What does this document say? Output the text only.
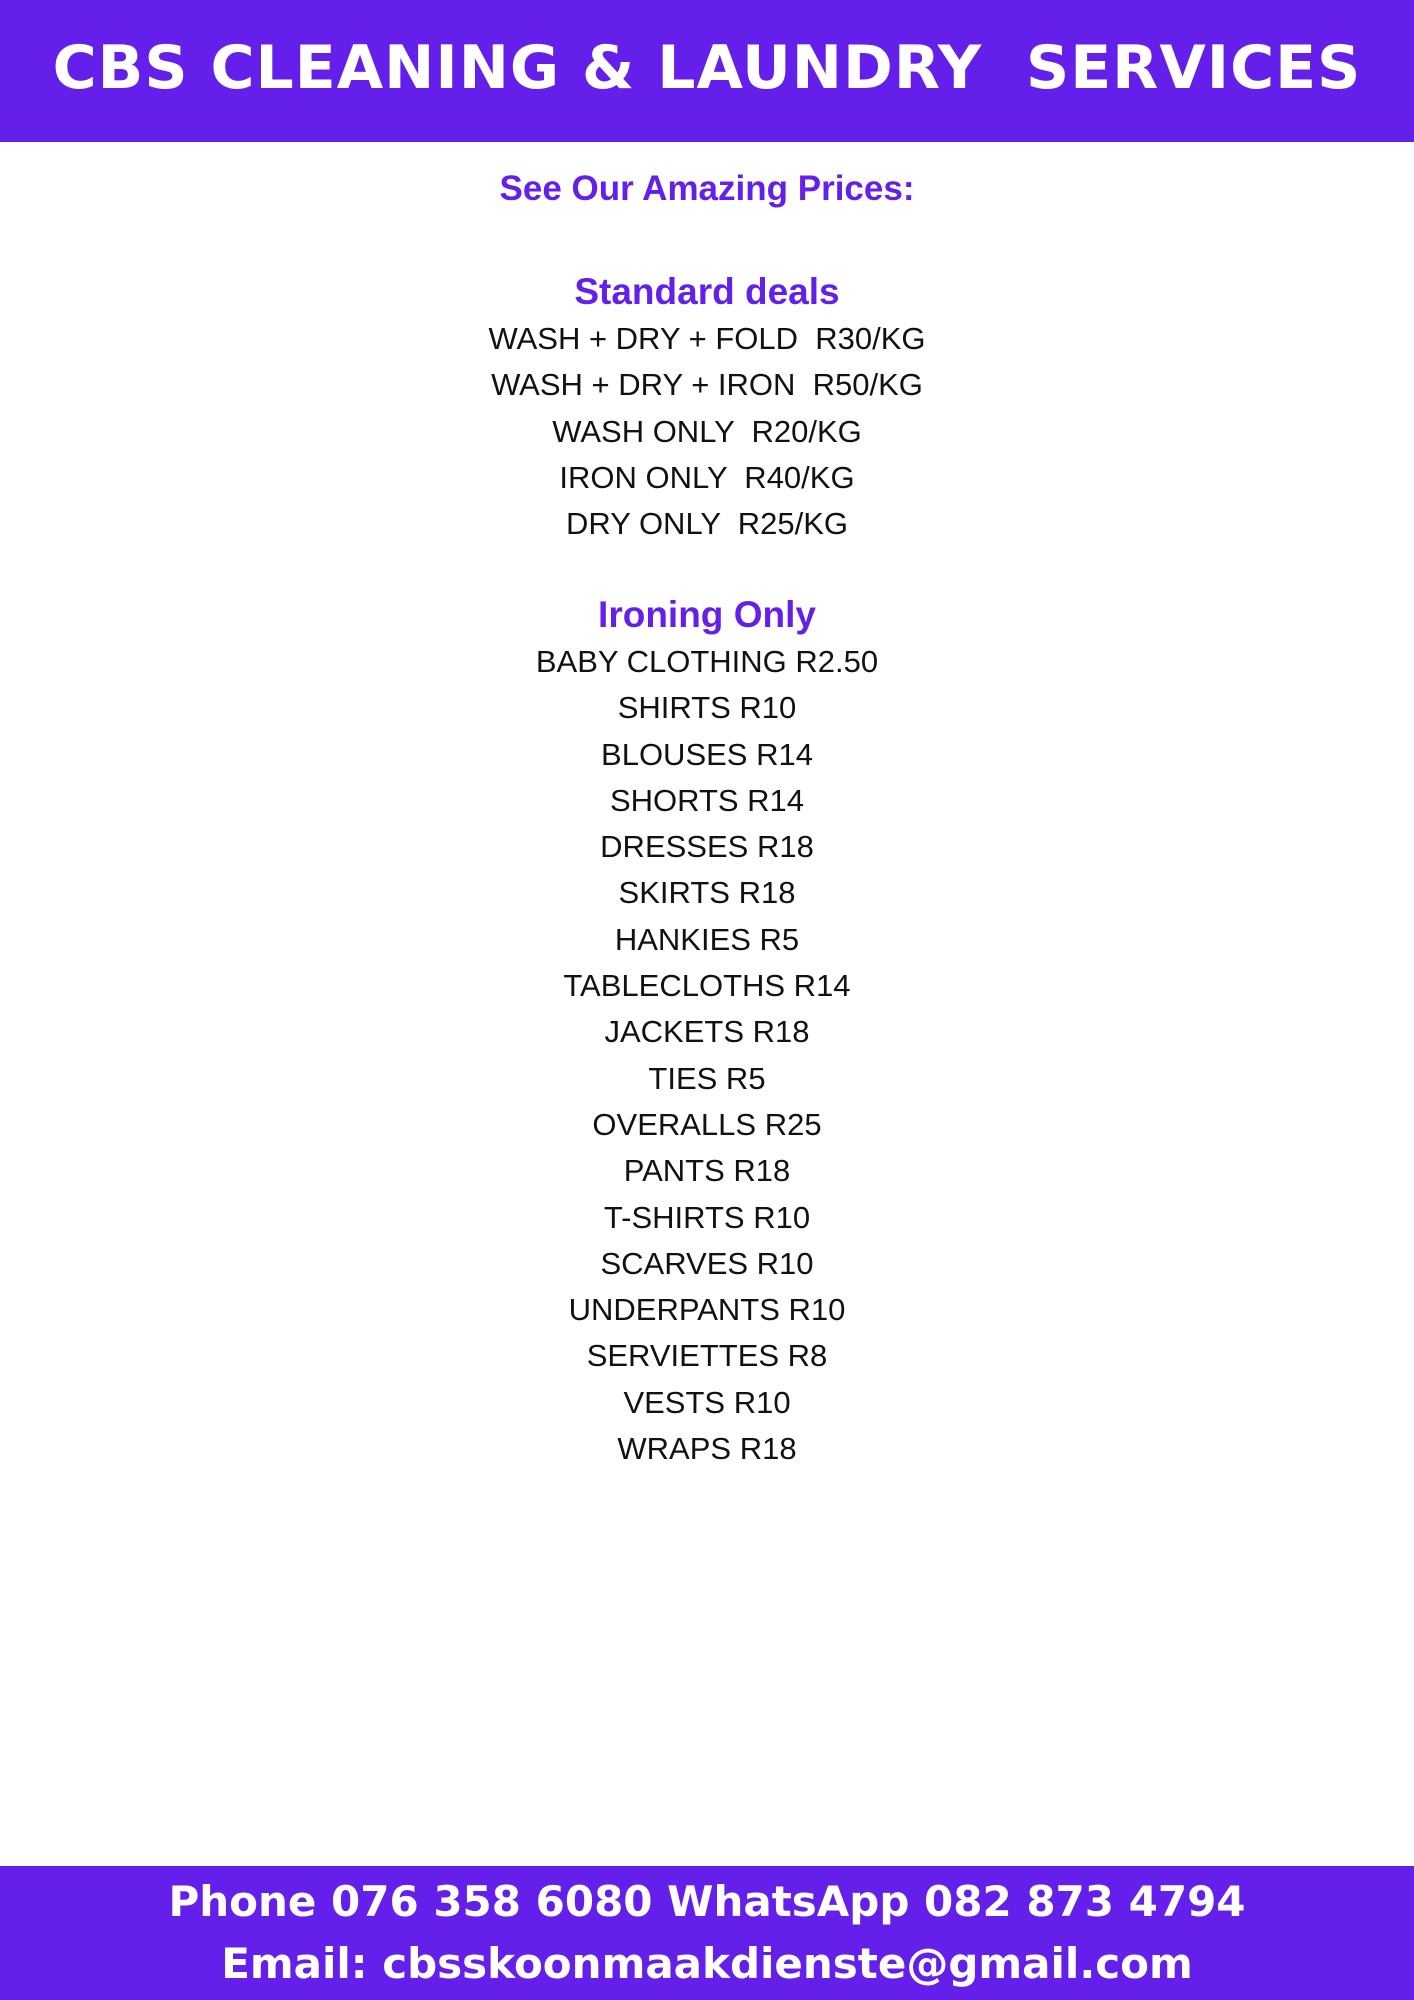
CBS CLEANING & LAUNDRY  SERVICES
See Our Amazing Prices:
Standard deals
WASH + DRY + FOLD  R30/KG
WASH + DRY + IRON  R50/KG
WASH ONLY  R20/KG
IRON ONLY  R40/KG
DRY ONLY  R25/KG
Ironing Only
BABY CLOTHING R2.50
SHIRTS R10
BLOUSES R14
SHORTS R14
DRESSES R18
SKIRTS R18
HANKIES R5
TABLECLOTHS R14
JACKETS R18
TIES R5
OVERALLS R25
PANTS R18
T-SHIRTS R10
SCARVES R10
UNDERPANTS R10
SERVIETTES R8
VESTS R10
WRAPS R18
Phone 076 358 6080 WhatsApp 082 873 4794
Email: cbsskoonmaakdienste@gmail.com
